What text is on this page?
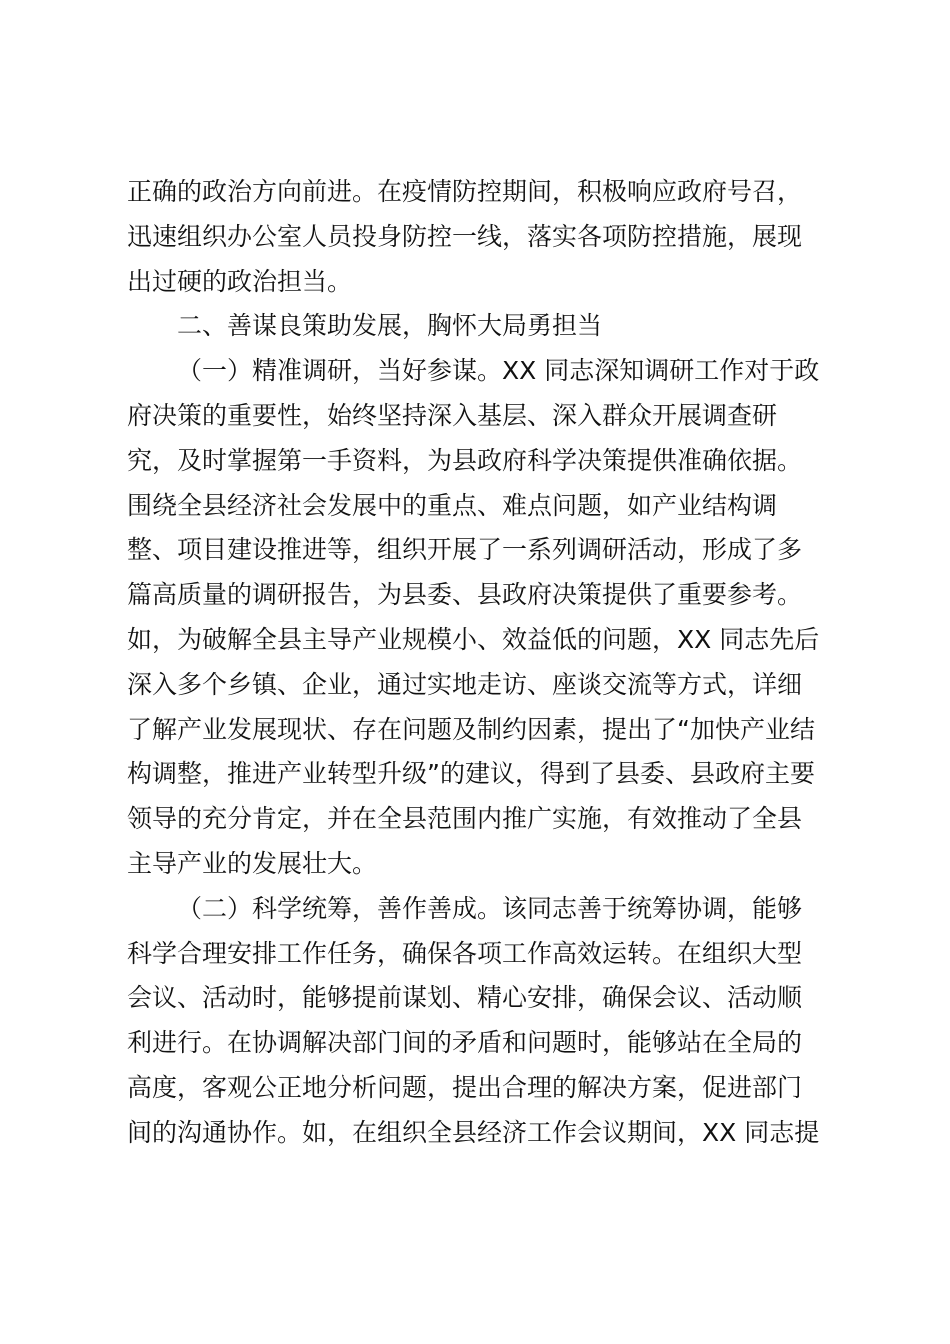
正确的政治方向前进。在疫情防控期间，积极响应政府号召，
迅速组织办公室人员投身防控一线，落实各项防控措施，展现
出过硬的政治担当。
二、善谋良策助发展，胸怀大局勇担当
（一）精准调研，当好参谋。XX 同志深知调研工作对于政
府决策的重要性，始终坚持深入基层、深入群众开展调查研
究，及时掌握第一手资料，为县政府科学决策提供准确依据。
围绕全县经济社会发展中的重点、难点问题，如产业结构调
整、项目建设推进等，组织开展了一系列调研活动，形成了多
篇高质量的调研报告，为县委、县政府决策提供了重要参考。
如，为破解全县主导产业规模小、效益低的问题，XX 同志先后
深入多个乡镇、企业，通过实地走访、座谈交流等方式，详细
了解产业发展现状、存在问题及制约因素，提出了“加快产业结
构调整，推进产业转型升级”的建议，得到了县委、县政府主要
领导的充分肯定，并在全县范围内推广实施，有效推动了全县
主导产业的发展壮大。
（二）科学统筹，善作善成。该同志善于统筹协调，能够
科学合理安排工作任务，确保各项工作高效运转。在组织大型
会议、活动时，能够提前谋划、精心安排，确保会议、活动顺
利进行。在协调解决部门间的矛盾和问题时，能够站在全局的
高度，客观公正地分析问题，提出合理的解决方案，促进部门
间的沟通协作。如，在组织全县经济工作会议期间，XX 同志提
